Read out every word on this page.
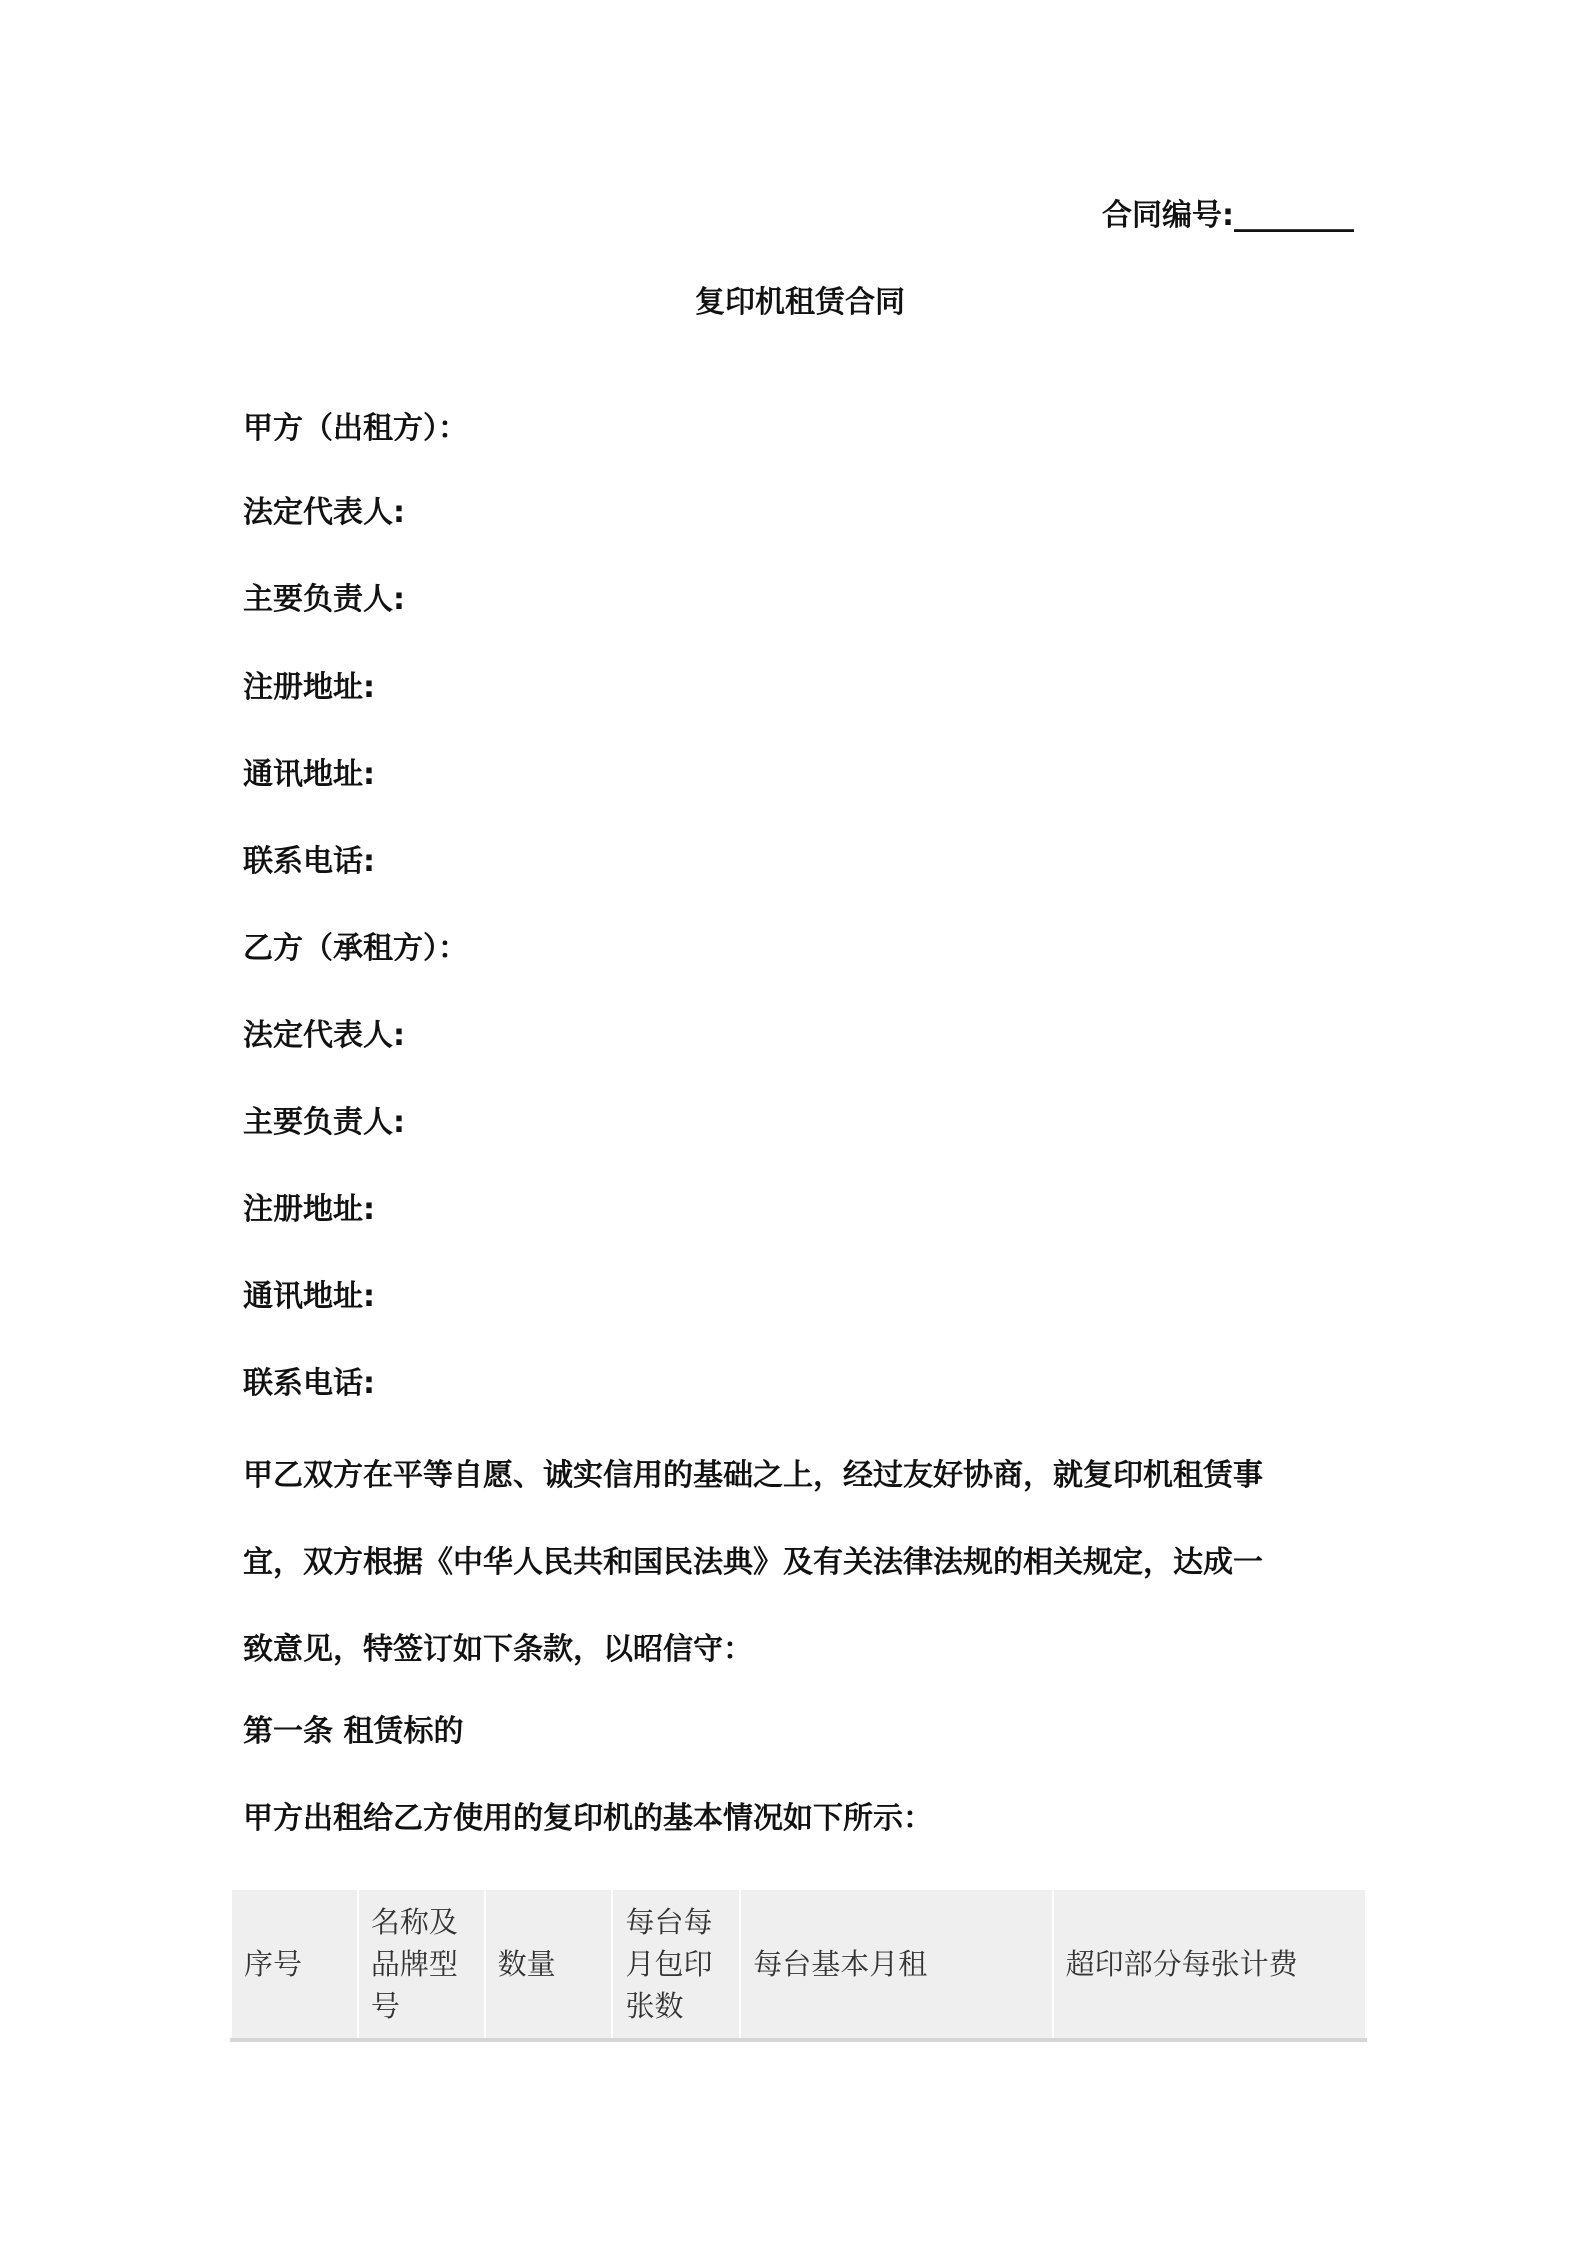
合同编号:________
复印机租赁合同
甲方（出租方）：
法定代表人:
主要负责人:
注册地址:
通讯地址:
联系电话:
乙方（承租方）：
法定代表人:
主要负责人:
注册地址:
通讯地址:
联系电话:
甲乙双方在平等自愿、诚实信用的基础之上，经过友好协商，就复印机租赁事
宜，双方根据《中华人民共和国民法典》及有关法律法规的相关规定，达成一
致意见，特签订如下条款，以昭信守：
第一条 租赁标的
甲方出租给乙方使用的复印机的基本情况如下所示：
序号	名称及品牌型号	数量	每台每月包印张数	每台基本月租	超印部分每张计费
